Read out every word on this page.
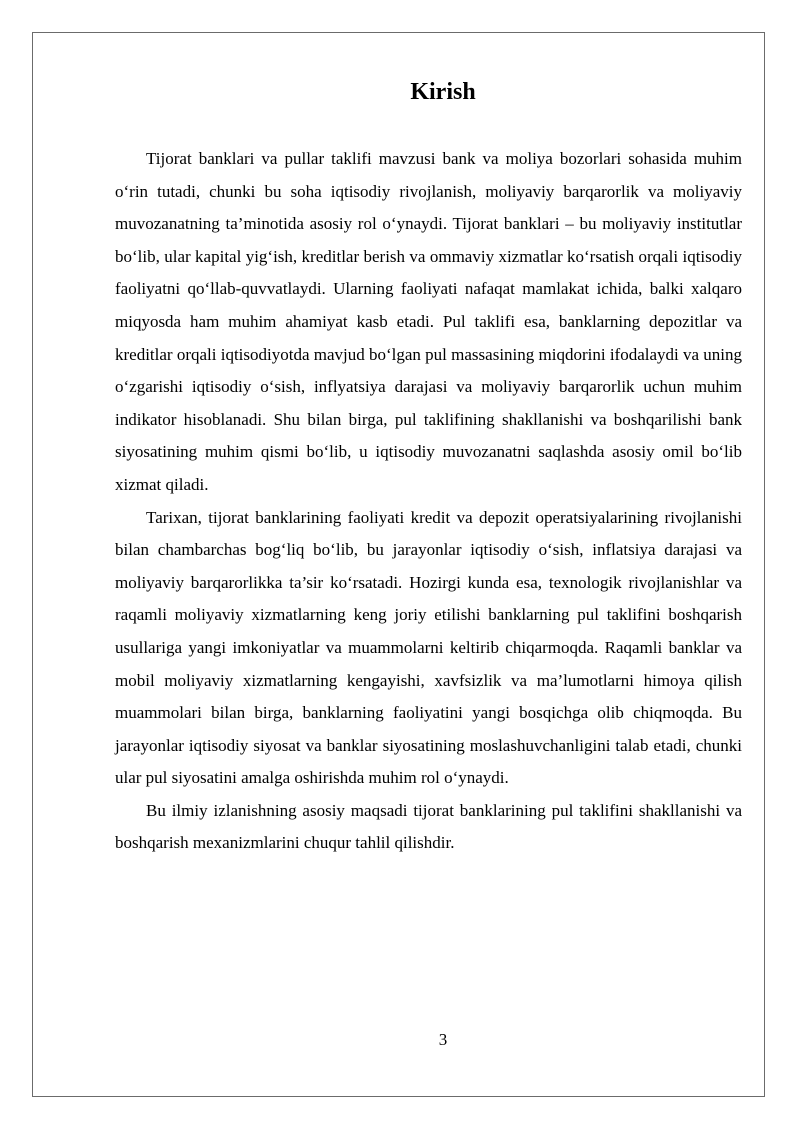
Kirish

Tijorat banklari va pullar taklifi mavzusi bank va moliya bozorlari sohasida muhim o‘rin tutadi, chunki bu soha iqtisodiy rivojlanish, moliyaviy barqarorlik va moliyaviy muvozanatning ta’minotida asosiy rol o‘ynaydi. Tijorat banklari – bu moliyaviy institutlar bo‘lib, ular kapital yig‘ish, kreditlar berish va ommaviy xizmatlar ko‘rsatish orqali iqtisodiy faoliyatni qo‘llab-quvvatlaydi. Ularning faoliyati nafaqat mamlakat ichida, balki xalqaro miqyosda ham muhim ahamiyat kasb etadi. Pul taklifi esa, banklarning depozitlar va kreditlar orqali iqtisodiyotda mavjud bo‘lgan pul massasining miqdorini ifodalaydi va uning o‘zgarishi iqtisodiy o‘sish, inflyatsiya darajasi va moliyaviy barqarorlik uchun muhim indikator hisoblanadi. Shu bilan birga, pul taklifining shakllanishi va boshqarilishi bank siyosatining muhim qismi bo‘lib, u iqtisodiy muvozanatni saqlashda asosiy omil bo‘lib xizmat qiladi.

Tarixan, tijorat banklarining faoliyati kredit va depozit operatsiyalarining rivojlanishi bilan chambarchas bog‘liq bo‘lib, bu jarayonlar iqtisodiy o‘sish, inflatsiya darajasi va moliyaviy barqarorlikka ta’sir ko‘rsatadi. Hozirgi kunda esa, texnologik rivojlanishlar va raqamli moliyaviy xizmatlarning keng joriy etilishi banklarning pul taklifini boshqarish usullariga yangi imkoniyatlar va muammolarni keltirib chiqarmoqda. Raqamli banklar va mobil moliyaviy xizmatlarning kengayishi, xavfsizlik va ma’lumotlarni himoya qilish muammolari bilan birga, banklarning faoliyatini yangi bosqichga olib chiqmoqda. Bu jarayonlar iqtisodiy siyosat va banklar siyosatining moslashuvchanligini talab etadi, chunki ular pul siyosatini amalga oshirishda muhim rol o‘ynaydi.

Bu ilmiy izlanishning asosiy maqsadi tijorat banklarining pul taklifini shakllanishi va boshqarish mexanizmlarini chuqur tahlil qilishdir.

3
